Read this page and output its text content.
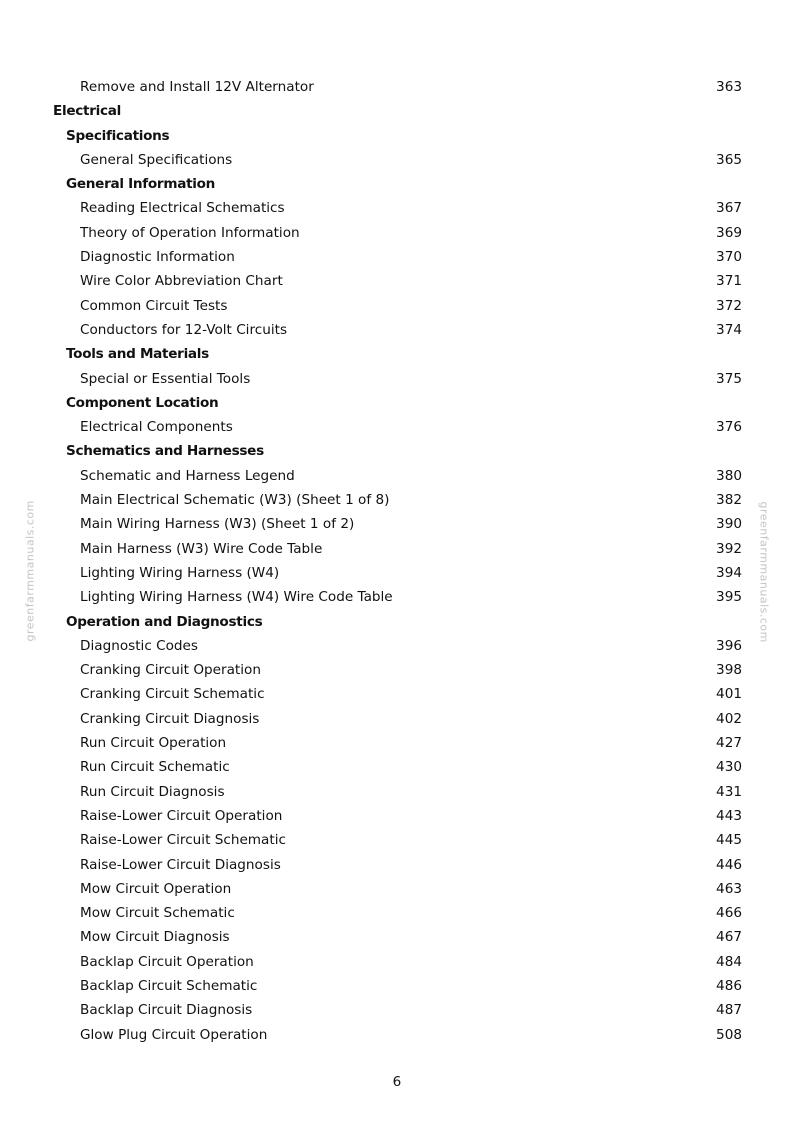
Remove and Install 12V Alternator	363
Electrical
Specifications
General Specifications	365
General Information
Reading Electrical Schematics	367
Theory of Operation Information	369
Diagnostic Information	370
Wire Color Abbreviation Chart	371
Common Circuit Tests	372
Conductors for 12-Volt Circuits	374
Tools and Materials
Special or Essential Tools	375
Component Location
Electrical Components	376
Schematics and Harnesses
Schematic and Harness Legend	380
Main Electrical Schematic (W3) (Sheet 1 of 8)	382
Main Wiring Harness (W3) (Sheet 1 of 2)	390
Main Harness (W3) Wire Code Table	392
Lighting Wiring Harness (W4)	394
Lighting Wiring Harness (W4) Wire Code Table	395
Operation and Diagnostics
Diagnostic Codes	396
Cranking Circuit Operation	398
Cranking Circuit Schematic	401
Cranking Circuit Diagnosis	402
Run Circuit Operation	427
Run Circuit Schematic	430
Run Circuit Diagnosis	431
Raise-Lower Circuit Operation	443
Raise-Lower Circuit Schematic	445
Raise-Lower Circuit Diagnosis	446
Mow Circuit Operation	463
Mow Circuit Schematic	466
Mow Circuit Diagnosis	467
Backlap Circuit Operation	484
Backlap Circuit Schematic	486
Backlap Circuit Diagnosis	487
Glow Plug Circuit Operation	508
greenfarmmanuals.com	greenfarmmanuals.com
6
